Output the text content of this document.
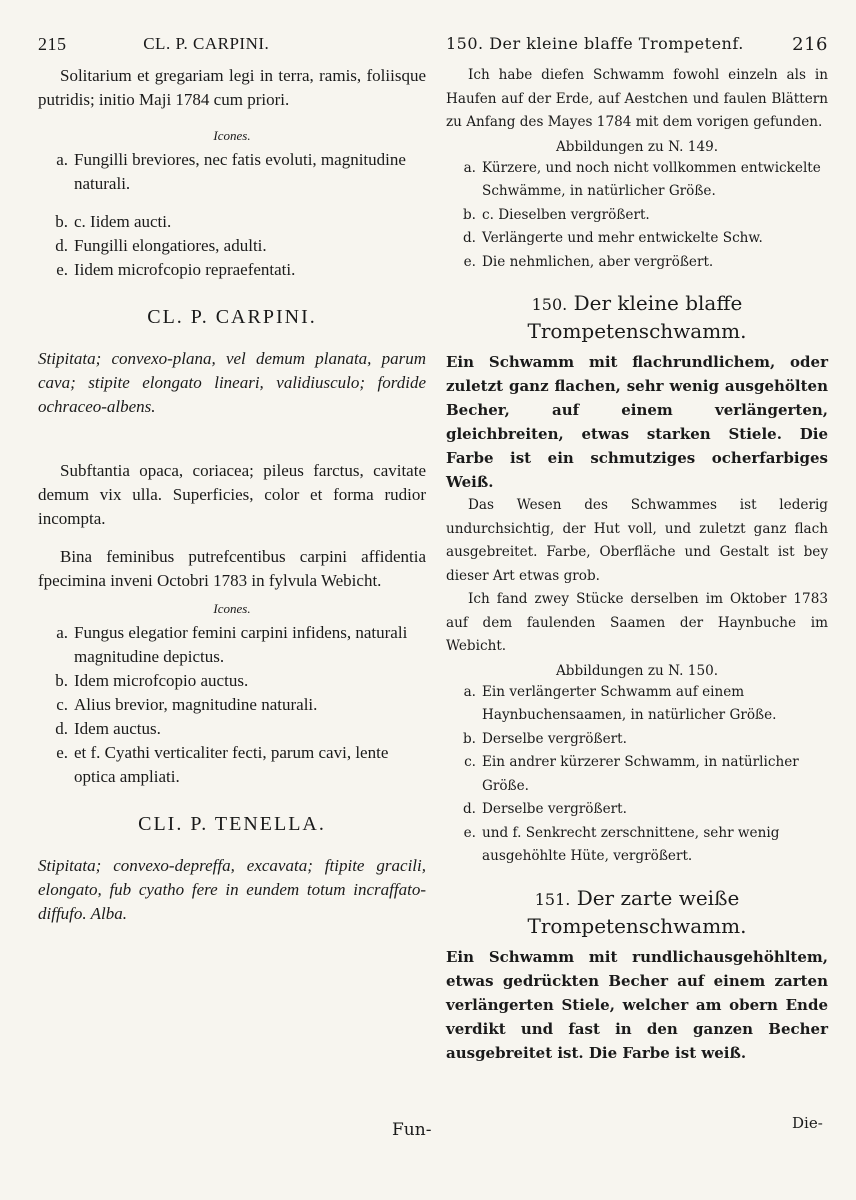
215	CL. P. CARPINI.

Solitarium et gregariam legi in terra, ramis, foliisque putridis; initio Maji 1784 cum priori.

Icones.
a. Fungilli breviores, nec fatis evoluti, magnitudine naturali.
b. c. Iidem aucti.
d. Fungilli elongatiores, adulti.
e. Iidem microfcopio repraefentati.
CL. P. CARPINI.

Stipitata; convexo-plana, vel demum planata, parum cava; stipite elongato lineari, validiusculo; fordide ochraceo-albens.

Subftantia opaca, coriacea; pileus farctus, cavitate demum vix ulla. Superficies, color et forma rudior incompta.

Bina feminibus putrefcentibus carpini affidentia fpecimina inveni Octobri 1783 in fylvula Webicht.

Icones.
a. Fungus elegatior femini carpini infidens, naturali magnitudine depictus.
b. Idem microfcopio auctus.
c. Alius brevior, magnitudine naturali.
d. Idem auctus.
e. et f. Cyathi verticaliter fecti, parum cavi, lente optica ampliati.
CLI. P. TENELLA.

Stipitata; convexo-depreffa, excavata; ftipite gracili, elongato, fub cyatho fere in eundem totum incraffato-diffufo. Alba.

Fun-
150. Der kleine blaffe Trompetenf.	216

Ich habe diefen Schwamm fowohl einzeln als in Haufen auf der Erde, auf Aestchen und faulen Blättern zu Anfang des Mayes 1784 mit dem vorigen gefunden.

Abbildungen zu N. 149.
a. Kürzere, und noch nicht vollkommen entwickelte Schwämme, in natürlicher Größe.
b. c. Dieselben vergrößert.
d. Verlängerte und mehr entwickelte Schw.
e. Die nehmlichen, aber vergrößert.
150. Der kleine blaffe Trompetenschwamm.

Ein Schwamm mit flachrundlichem, oder zuletzt ganz flachen, sehr wenig ausgehölten Becher, auf einem verlängerten, gleichbreiten, etwas starken Stiele. Die Farbe ist ein schmutziges ocherfarbiges Weiß.

Das Wesen des Schwammes ist lederig undurchsichtig, der Hut voll, und zuletzt ganz flach ausgebreitet. Farbe, Oberfläche und Gestalt ist bey dieser Art etwas grob.

Ich fand zwey Stücke derselben im Oktober 1783 auf dem faulenden Saamen der Haynbuche im Webicht.

Abbildungen zu N. 150.
a. Ein verlängerter Schwamm auf einem Haynbuchensaamen, in natürlicher Größe.
b. Derselbe vergrößert.
c. Ein andrer kürzerer Schwamm, in natürlicher Größe.
d. Derselbe vergrößert.
e. und f. Senkrecht zerschnittene, sehr wenig ausgehöhlte Hüte, vergrößert.
151. Der zarte weiße Trompetenschwamm.

Ein Schwamm mit rundlichausgehöhltem, etwas gedrückten Becher auf einem zarten verlängerten Stiele, welcher am obern Ende verdikt und fast in den ganzen Becher ausgebreitet ist. Die Farbe ist weiß.

Die-
